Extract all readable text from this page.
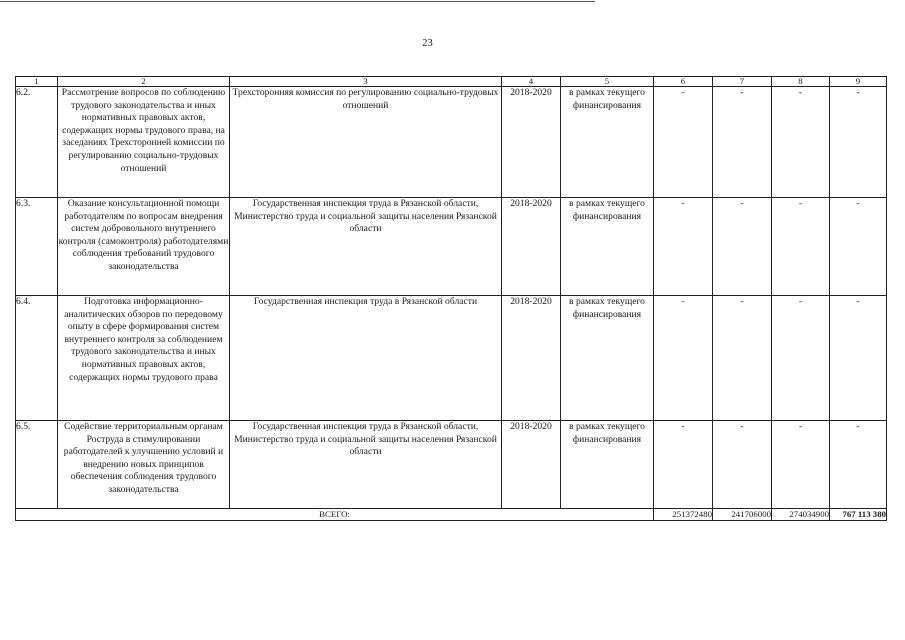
23
1	2	3	4	5	6	7	8	9
6.2.	Рассмотрение вопросов по соблюдению трудового законодательства и иных нормативных правовых актов, содержащих нормы трудового права, на заседаниях Трехсторонней комиссии по регулированию социально-трудовых отношений	Трехсторонняя комиссия по регулированию социально-трудовых отношений	2018-2020	в рамках текущего финансирования	-	-	-	-
6.3.	Оказание консультационной помощи работодателям по вопросам внедрения систем добровольного внутреннего контроля (самоконтроля) работодателями соблюдения требований трудового законодательства	Государственная инспекция труда в Рязанской области, Министерство труда и социальной защиты населения Рязанской области	2018-2020	в рамках текущего финансирования	-	-	-	-
6.4.	Подготовка информационно-аналитических обзоров по передовому опыту в сфере формирования систем внутреннего контроля за соблюдением трудового законодательства и иных нормативных правовых актов, содержащих нормы трудового права	Государственная инспекция труда в Рязанской области	2018-2020	в рамках текущего финансирования	-	-	-	-
6.5.	Содействие территориальным органам Роструда в стимулировании работодателей к улучшению условий и внедрению новых принципов обеспечения соблюдения трудового законодательства	Государственная инспекция труда в Рязанской области, Министерство труда и социальной защиты населения Рязанской области	2018-2020	в рамках текущего финансирования	-	-	-	-
ВСЕГО:					251372480	241706000	274034900	767 113 380
